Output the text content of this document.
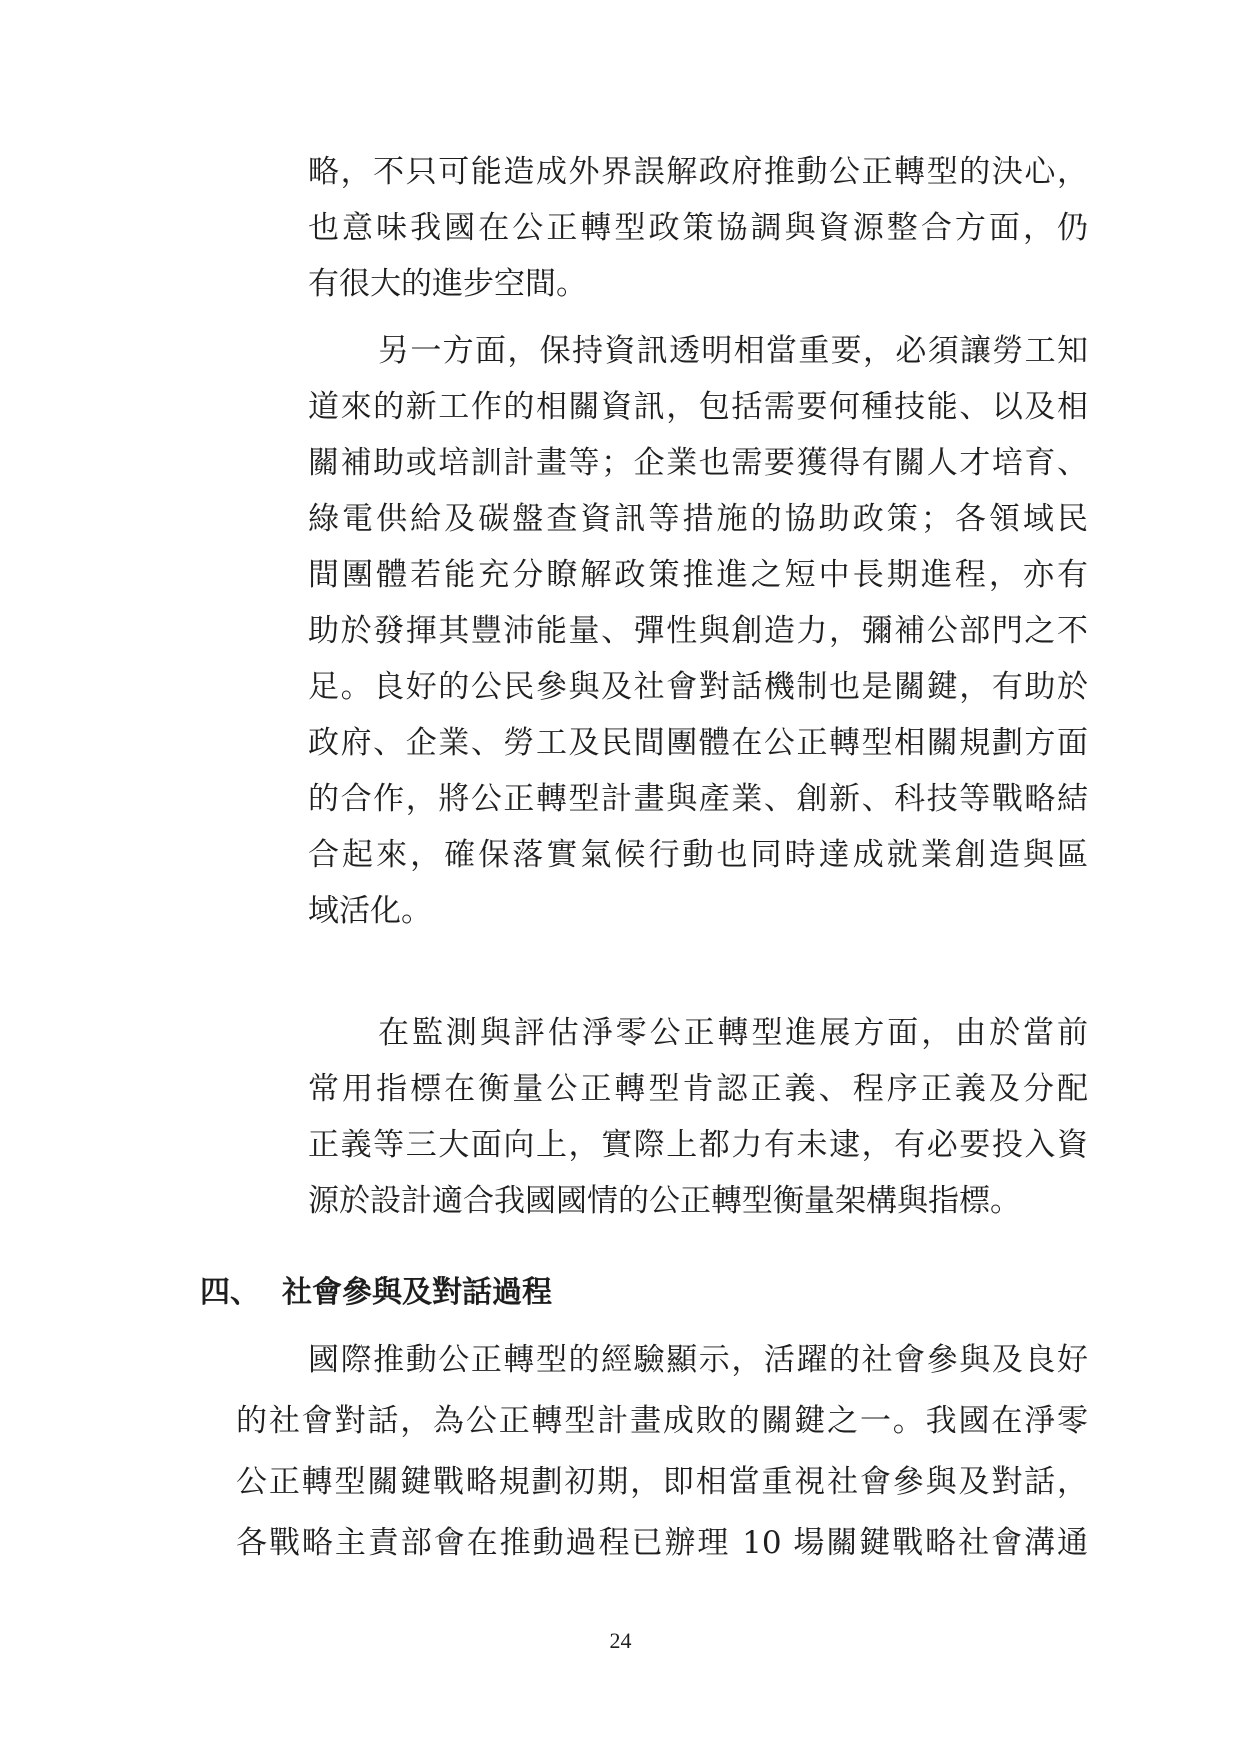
略，不只可能造成外界誤解政府推動公正轉型的決心，
也意味我國在公正轉型政策協調與資源整合方面，仍
有很大的進步空間。
另一方面，保持資訊透明相當重要，必須讓勞工知
道來的新工作的相關資訊，包括需要何種技能、以及相
關補助或培訓計畫等；企業也需要獲得有關人才培育、
綠電供給及碳盤查資訊等措施的協助政策；各領域民
間團體若能充分瞭解政策推進之短中長期進程，亦有
助於發揮其豐沛能量、彈性與創造力，彌補公部門之不
足。良好的公民參與及社會對話機制也是關鍵，有助於
政府、企業、勞工及民間團體在公正轉型相關規劃方面
的合作，將公正轉型計畫與產業、創新、科技等戰略結
合起來，確保落實氣候行動也同時達成就業創造與區
域活化。
在監測與評估淨零公正轉型進展方面，由於當前
常用指標在衡量公正轉型肯認正義、程序正義及分配
正義等三大面向上，實際上都力有未逮，有必要投入資
源於設計適合我國國情的公正轉型衡量架構與指標。
四、 社會參與及對話過程
國際推動公正轉型的經驗顯示，活躍的社會參與及良好
的社會對話，為公正轉型計畫成敗的關鍵之一。我國在淨零
公正轉型關鍵戰略規劃初期，即相當重視社會參與及對話，
各戰略主責部會在推動過程已辦理 10 場關鍵戰略社會溝通
24
